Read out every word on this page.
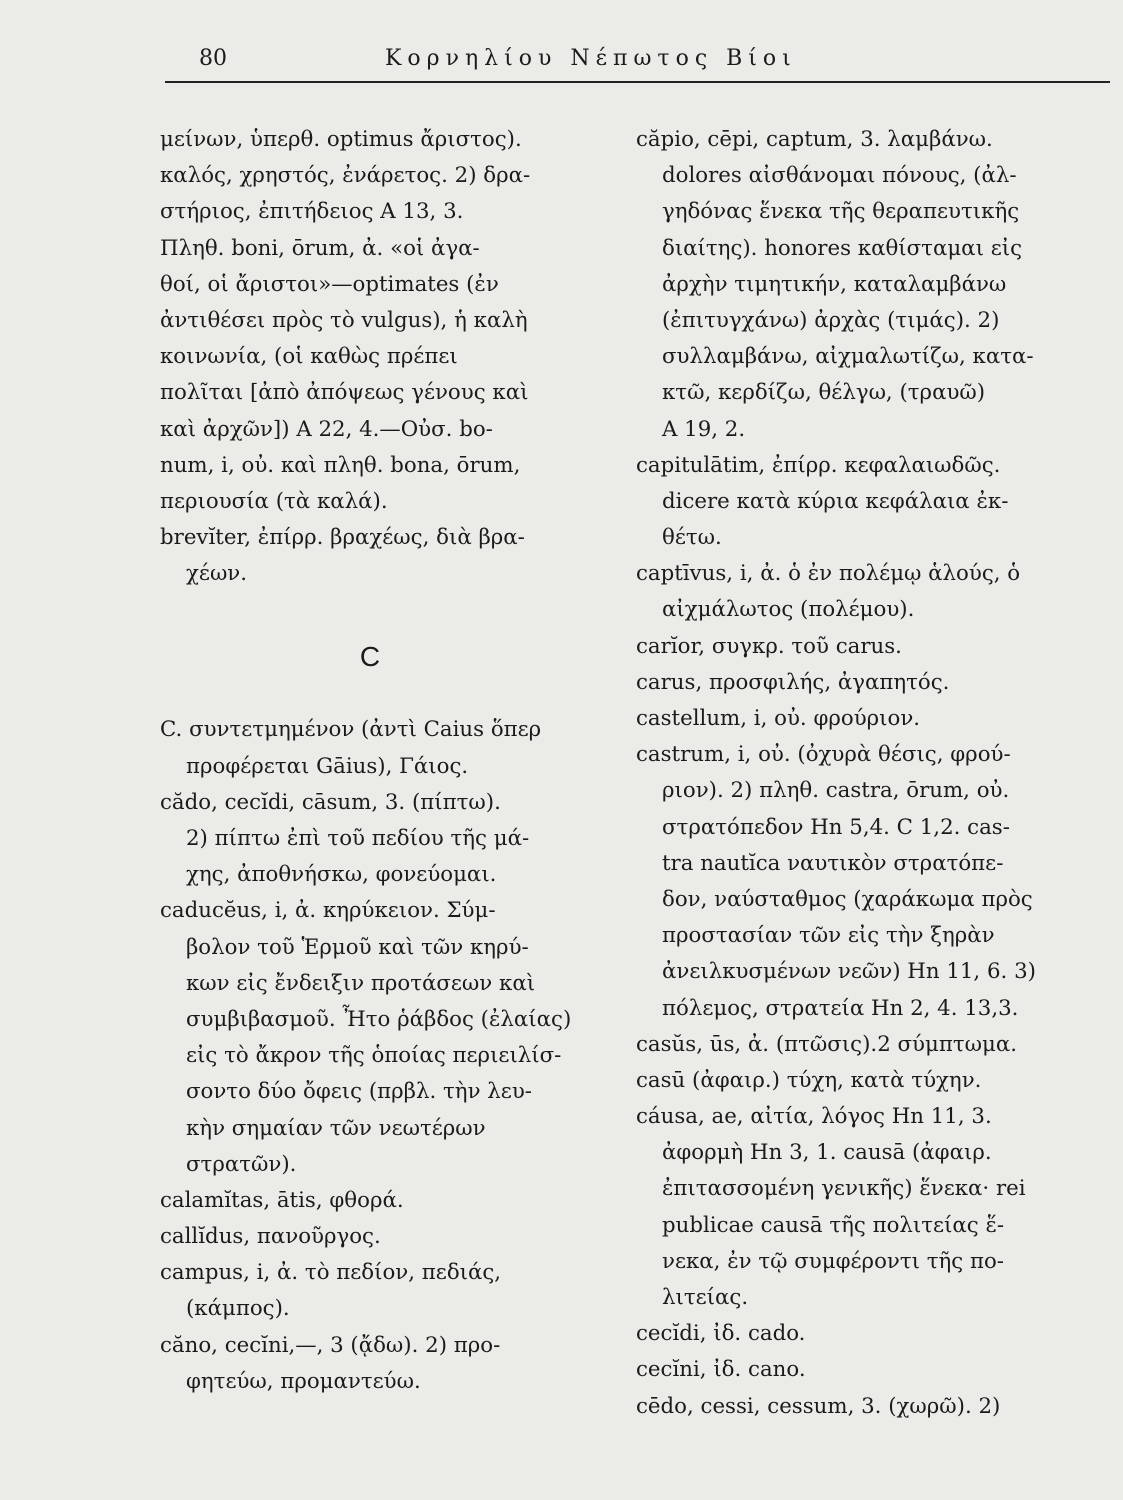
80	Κορνηλίου Νέπωτος Βίοι
μείνων, ὑπερθ. optimus ἄριστος).
καλός, χρηστός, ἐνάρετος. 2) δρα-
στήριος, ἐπιτήδειος Α 13, 3.
Πληθ. boni, ōrum, ἀ. «οἱ ἀγα-
θοί, οἱ ἄριστοι»—optimates (ἐν
ἀντιθέσει πρὸς τὸ vulgus), ἡ καλὴ
κοινωνία, (οἱ καθὼς πρέπει
πολῖται [ἀπὸ ἀπόψεως γένους καὶ
καὶ ἀρχῶν]) Α 22, 4.—Οὐσ. bo-
num, i, οὐ. καὶ πληθ. bona, ōrum,
περιουσία (τὰ καλά).
brevĭter, ἐπίρρ. βραχέως, διὰ βρα-
χέων.
C
C. συντετμημένον (ἀντὶ Caius ὅπερ
προφέρεται Gāius), Γάιος.
cădo, cecĭdi, cāsum, 3. (πίπτω).
2) πίπτω ἐπὶ τοῦ πεδίου τῆς μά-
χης, ἀποθνήσκω, φονεύομαι.
caducĕus, i, ἀ. κηρύκειον. Σύμ-
βολον τοῦ Ἑρμοῦ καὶ τῶν κηρύ-
κων εἰς ἔνδειξιν προτάσεων καὶ
συμβιβασμοῦ. Ἦτο ῥάβδος (ἐλαίας)
εἰς τὸ ἄκρον τῆς ὁποίας περιειλίσ-
σοντο δύο ὄφεις (πρβλ. τὴν λευ-
κὴν σημαίαν τῶν νεωτέρων
στρατῶν).
calamĭtas, ātis, φθορά.
callĭdus, πανοῦργος.
campus, i, ἀ. τὸ πεδίον, πεδιάς,
(κάμπος).
căno, cecĭni,—, 3 (ᾄδω). 2) προ-
φητεύω, προμαντεύω.
căpio, cēpi, captum, 3. λαμβάνω.
dolores αἰσθάνομαι πόνους, (ἀλ-
γηδόνας ἕνεκα τῆς θεραπευτικῆς
διαίτης). honores καθίσταμαι εἰς
ἀρχὴν τιμητικήν, καταλαμβάνω
(ἐπιτυγχάνω) ἀρχὰς (τιμάς). 2)
συλλαμβάνω, αἰχμαλωτίζω, κατα-
κτῶ, κερδίζω, θέλγω, (τραυῶ)
Α 19, 2.
capitulātim, ἐπίρρ. κεφαλαιωδῶς.
dicere κατὰ κύρια κεφάλαια ἐκ-
θέτω.
captīvus, i, ἀ. ὁ ἐν πολέμῳ ἁλούς, ὁ
αἰχμάλωτος (πολέμου).
carĭor, συγκρ. τοῦ carus.
carus, προσφιλής, ἀγαπητός.
castellum, i, οὐ. φρούριον.
castrum, i, οὐ. (ὀχυρὰ θέσις, φρού-
ριον). 2) πληθ. castra, ōrum, οὐ.
στρατόπεδον Ηn 5,4. C 1,2. cas-
tra nautĭca ναυτικὸν στρατόπε-
δον, ναύσταθμος (χαράκωμα πρὸς
προστασίαν τῶν εἰς τὴν ξηρὰν
ἀνειλκυσμένων νεῶν) Ηn 11, 6. 3)
πόλεμος, στρατεία Ηn 2, 4. 13,3.
casŭs, ūs, ἀ. (πτῶσις).2 σύμπτωμα.
casū (ἀφαιρ.) τύχη, κατὰ τύχην.
cáusa, ae, αἰτία, λόγος Ηn 11, 3.
ἀφορμὴ Ηn 3, 1. causā (ἀφαιρ.
ἐπιτασσομένη γενικῆς) ἕνεκα· rei
publicae causā τῆς πολιτείας ἕ-
νεκα, ἐν τῷ συμφέροντι τῆς πο-
λιτείας.
cecĭdi, ἰδ. cado.
cecĭni, ἰδ. cano.
cēdo, cessi, cessum, 3. (χωρῶ). 2)
